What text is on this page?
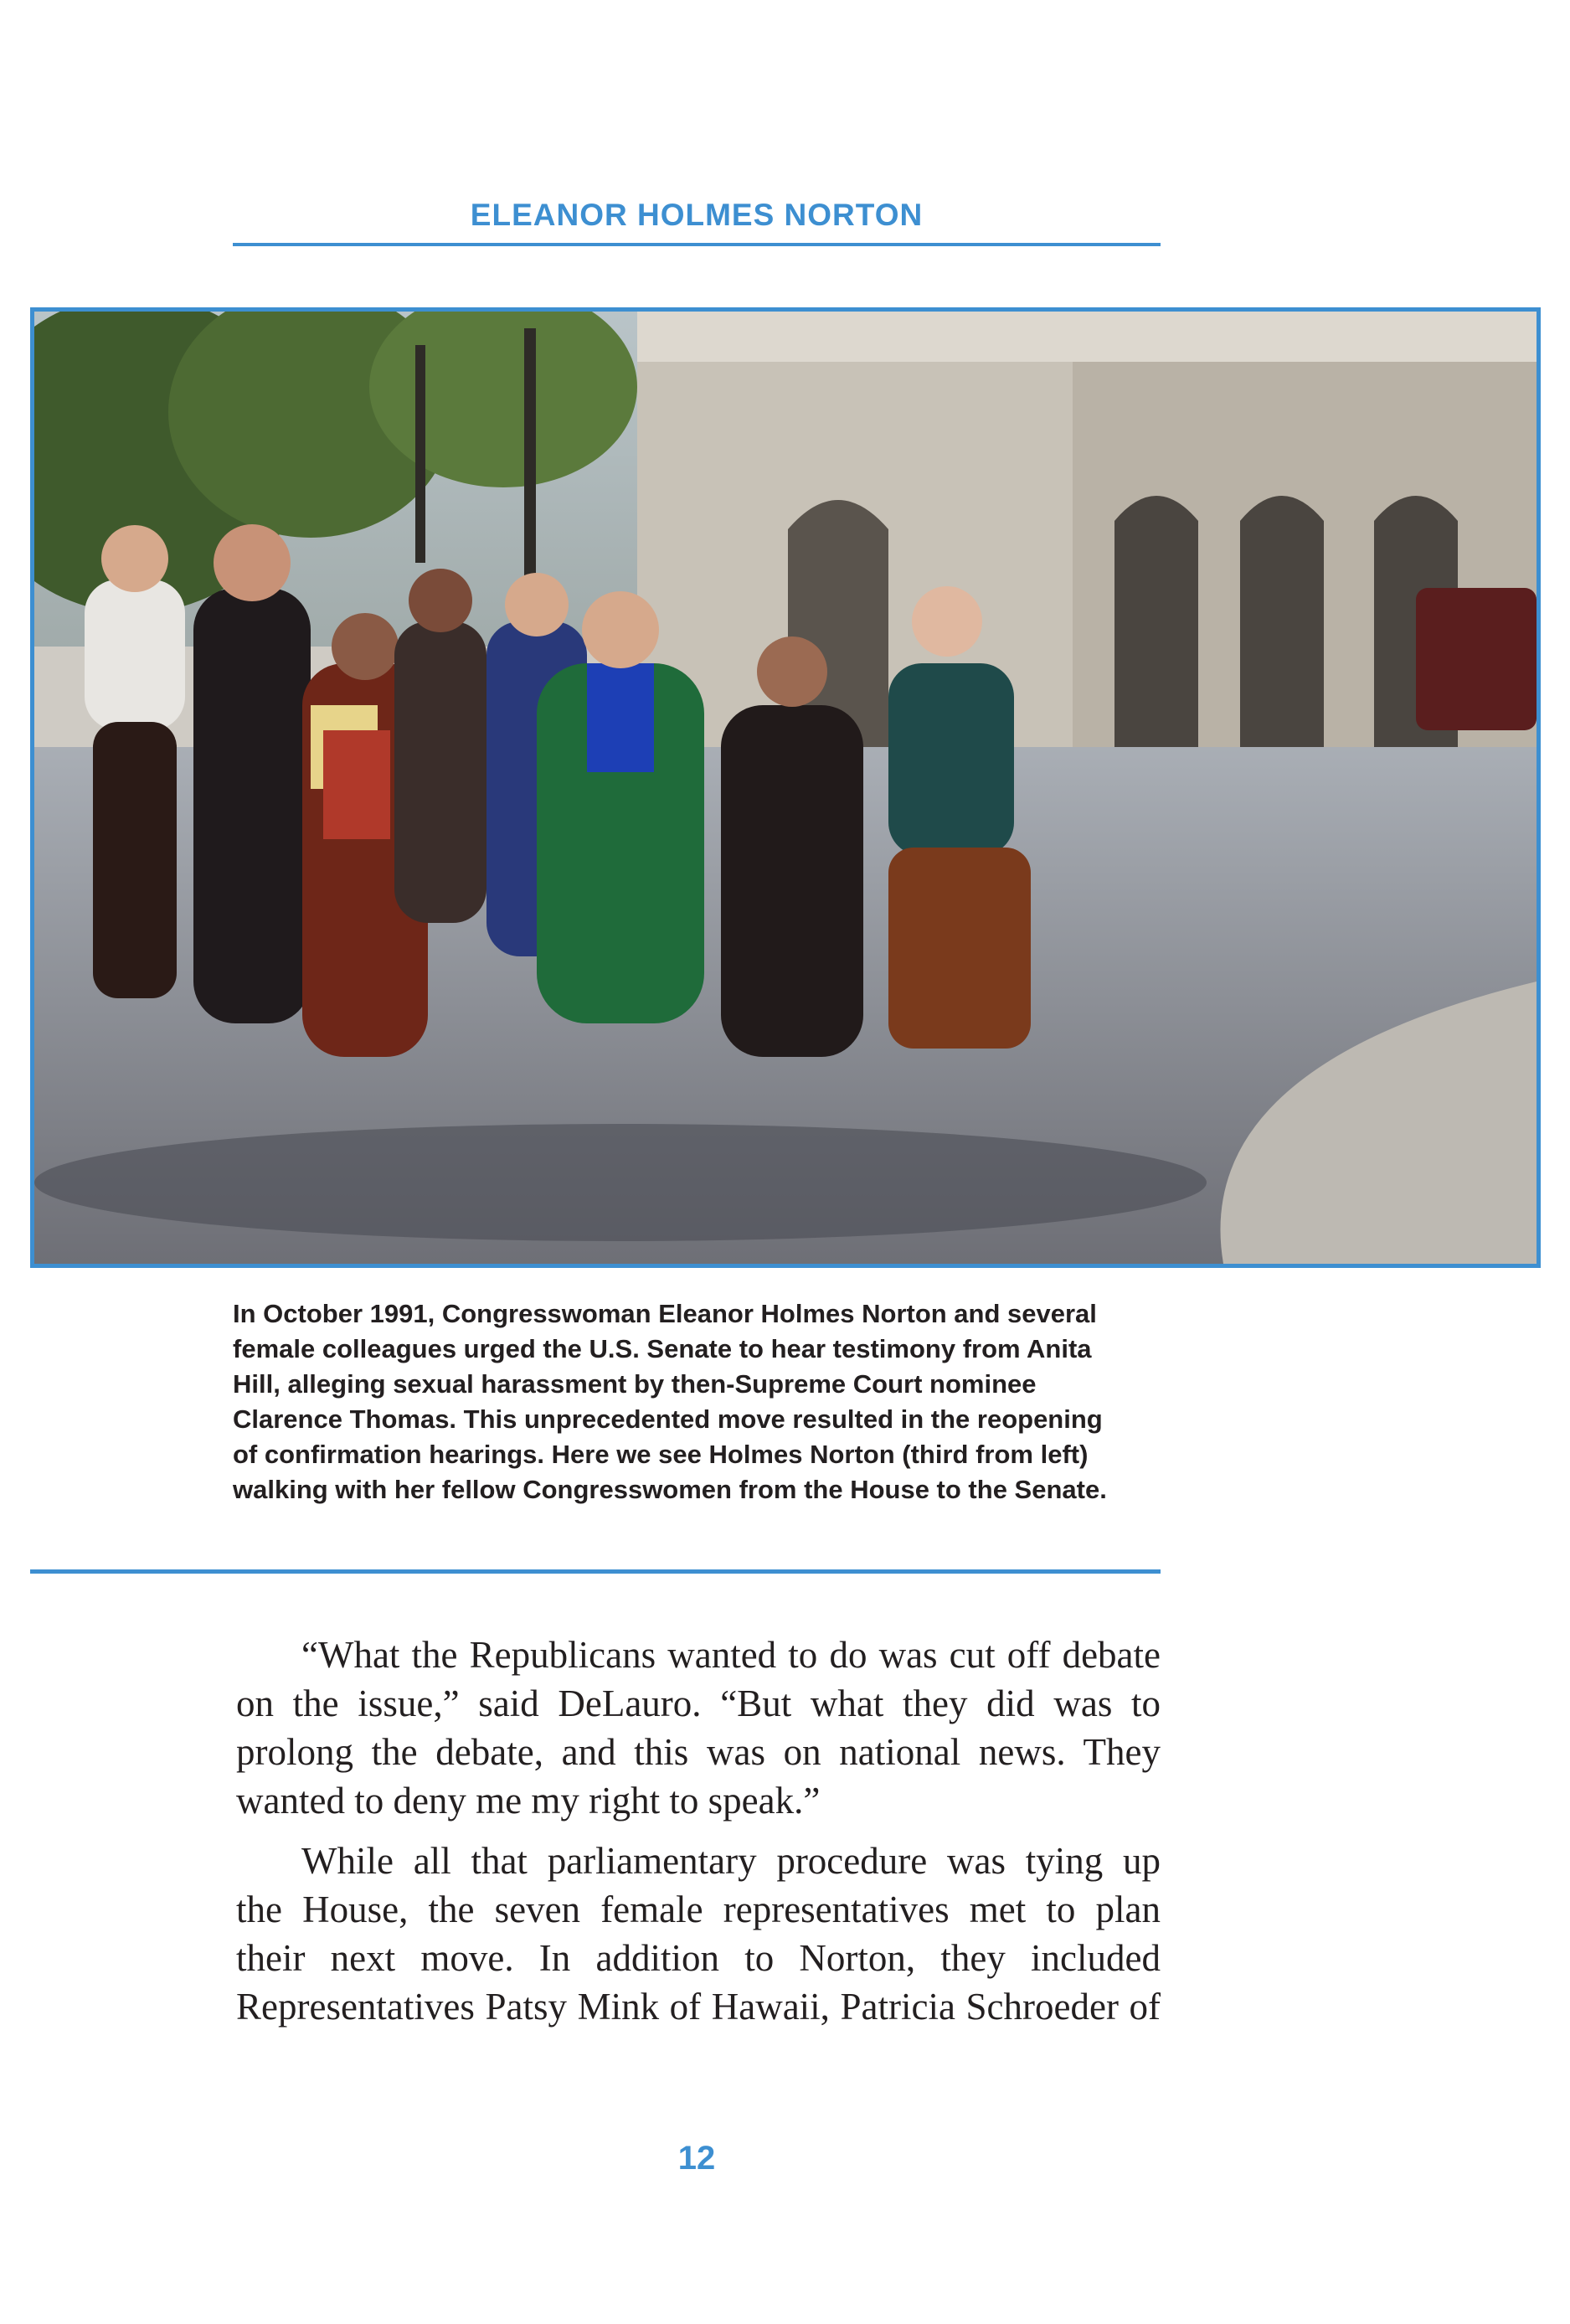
ELEANOR HOLMES NORTON
In October 1991, Congresswoman Eleanor Holmes Norton and several
female colleagues urged the U.S. Senate to hear testimony from Anita
Hill, alleging sexual harassment by then-Supreme Court nominee
Clarence Thomas. This unprecedented move resulted in the reopening
of confirmation hearings. Here we see Holmes Norton (third from left)
walking with her fellow Congresswomen from the House to the Senate.
“What the Republicans wanted to do was cut off debate
on the issue,” said DeLauro. “But what they did was to
prolong the debate, and this was on national news. They
wanted to deny me my right to speak.”
While all that parliamentary procedure was tying up
the House, the seven female representatives met to plan
their next move. In addition to Norton, they included
Representatives Patsy Mink of Hawaii, Patricia Schroeder of
12
